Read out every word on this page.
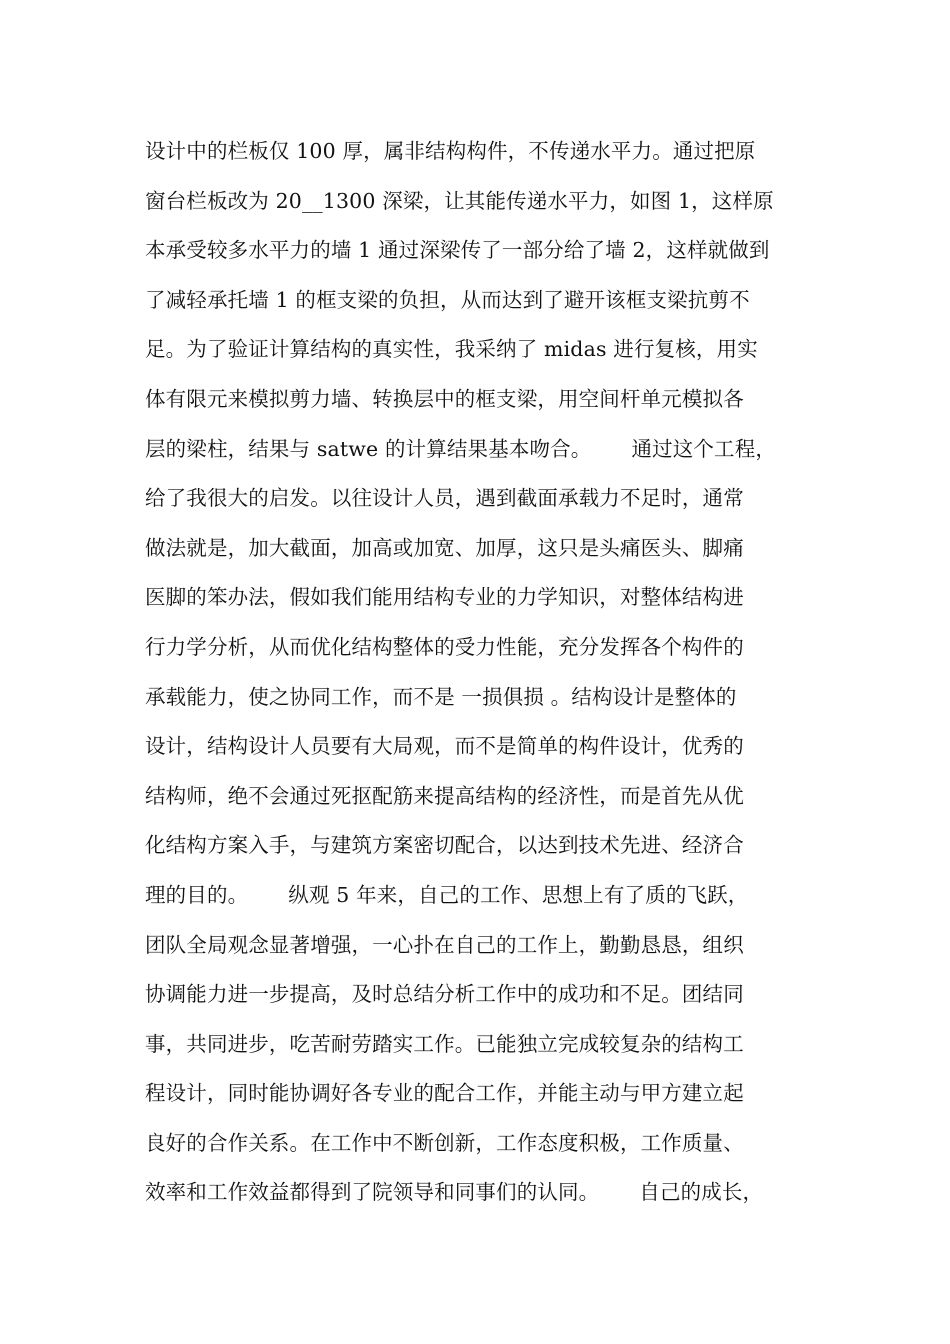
设计中的栏板仅 100 厚，属非结构构件，不传递水平力。通过把原
窗台栏板改为 20__1300 深梁，让其能传递水平力，如图 1，这样原
本承受较多水平力的墙 1 通过深梁传了一部分给了墙 2，这样就做到
了减轻承托墙 1 的框支梁的负担，从而达到了避开该框支梁抗剪不
足。为了验证计算结构的真实性，我采纳了 midas 进行复核，用实
体有限元来模拟剪力墙、转换层中的框支梁，用空间杆单元模拟各
层的梁柱，结果与 satwe 的计算结果基本吻合。      通过这个工程，
给了我很大的启发。以往设计人员，遇到截面承载力不足时，通常
做法就是，加大截面，加高或加宽、加厚，这只是头痛医头、脚痛
医脚的笨办法，假如我们能用结构专业的力学知识，对整体结构进
行力学分析，从而优化结构整体的受力性能，充分发挥各个构件的
承载能力，使之协同工作，而不是 一损俱损 。结构设计是整体的
设计，结构设计人员要有大局观，而不是简单的构件设计，优秀的
结构师，绝不会通过死抠配筋来提高结构的经济性，而是首先从优
化结构方案入手，与建筑方案密切配合，以达到技术先进、经济合
理的目的。      纵观 5 年来，自己的工作、思想上有了质的飞跃，
团队全局观念显著增强，一心扑在自己的工作上，勤勤恳恳，组织
协调能力进一步提高，及时总结分析工作中的成功和不足。团结同
事，共同进步，吃苦耐劳踏实工作。已能独立完成较复杂的结构工
程设计，同时能协调好各专业的配合工作，并能主动与甲方建立起
良好的合作关系。在工作中不断创新，工作态度积极，工作质量、
效率和工作效益都得到了院领导和同事们的认同。      自己的成长，
